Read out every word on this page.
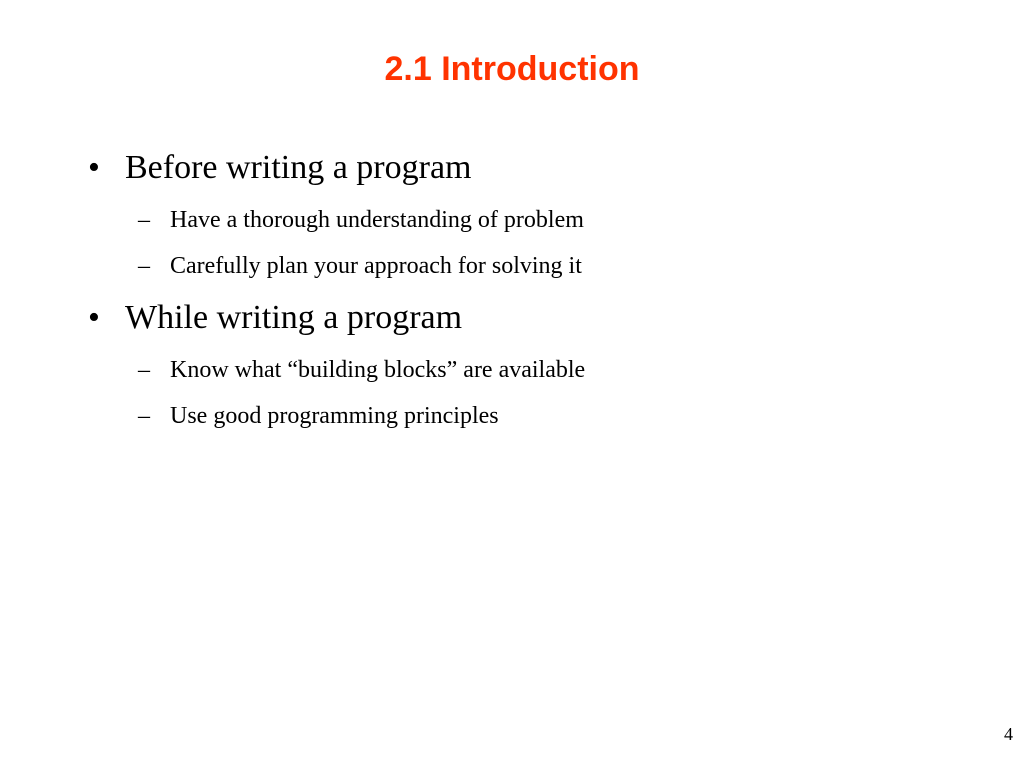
2.1 Introduction
• Before writing a program
– Have a thorough understanding of problem
– Carefully plan your approach for solving it
• While writing a program
– Know what “building blocks” are available
– Use good programming principles
4
